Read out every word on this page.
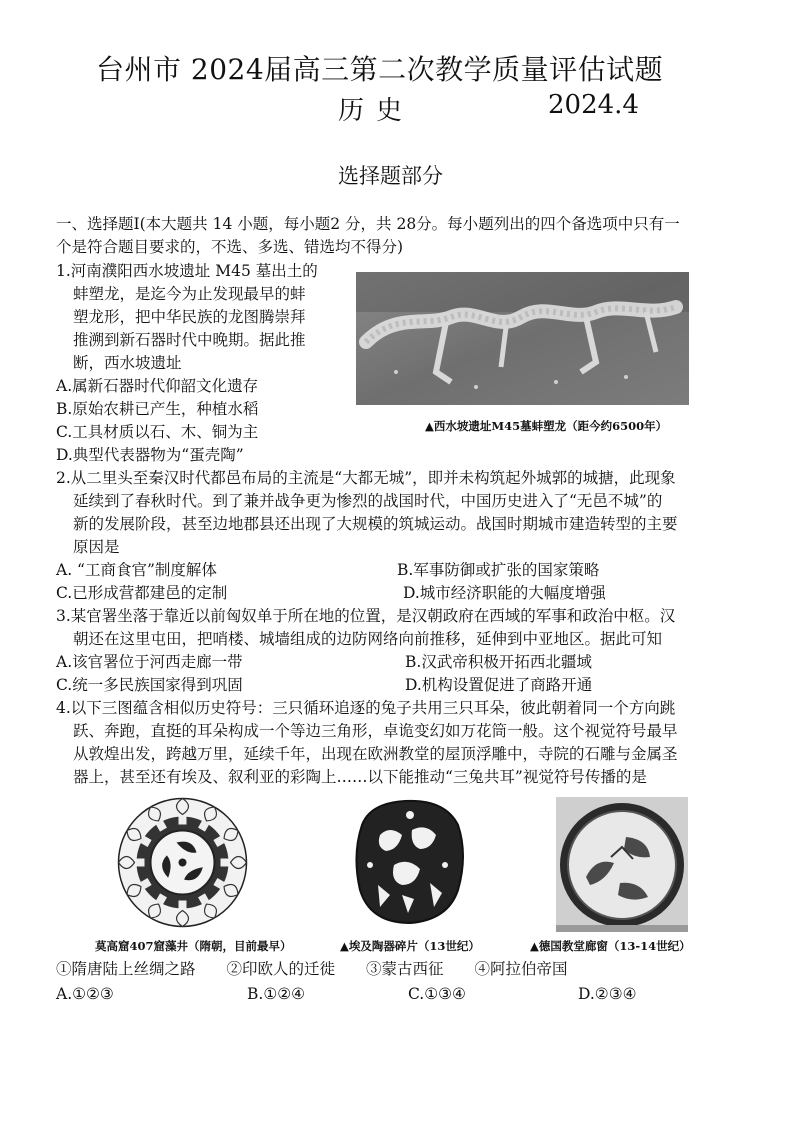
台州市 2024届高三第二次教学质量评估试题
历史	2024.4
选择题部分
一、选择题Ⅰ(本大题共 14 小题，每小题2 分，共 28分。每小题列出的四个备选项中只有一
个是符合题目要求的，不选、多选、错选均不得分)
1.河南濮阳西水坡遗址 M45 墓出土的
蚌塑龙，是迄今为止发现最早的蚌
塑龙形，把中华民族的龙图腾崇拜
推溯到新石器时代中晚期。据此推
断，西水坡遗址
A.属新石器时代仰韶文化遗存
B.原始农耕已产生，种植水稻
C.工具材质以石、木、铜为主
D.典型代表器物为“蛋壳陶”
▲西水坡遗址M45墓蚌塑龙（距今约6500年）
2.从二里头至秦汉时代都邑布局的主流是“大都无城”，即并未构筑起外城郭的城搪，此现象
延续到了春秋时代。到了兼并战争更为惨烈的战国时代，中国历史进入了“无邑不城”的
新的发展阶段，甚至边地郡县还出现了大规模的筑城运动。战国时期城市建造转型的主要
原因是
A. “工商食官”制度解体	B.军事防御或扩张的国家策略
C.已形成营都建邑的定制	D.城市经济职能的大幅度增强
3.某官署坐落于靠近以前匈奴单于所在地的位置，是汉朝政府在西域的军事和政治中枢。汉
朝还在这里屯田，把哨楼、城墙组成的边防网络向前推移，延伸到中亚地区。据此可知
A.该官署位于河西走廊一带	B.汉武帝积极开拓西北疆域
C.统一多民族国家得到巩固	D.机构设置促进了商路开通
4.以下三图蕴含相似历史符号：三只循环追逐的兔子共用三只耳朵，彼此朝着同一个方向跳
跃、奔跑，直挺的耳朵构成一个等边三角形，卓诡变幻如万花筒一般。这个视觉符号最早
从敦煌出发，跨越万里，延续千年，出现在欧洲教堂的屋顶浮雕中，寺院的石雕与金属圣
器上，甚至还有埃及、叙利亚的彩陶上……以下能推动“三兔共耳”视觉符号传播的是
莫高窟407窟藻井（隋朝，目前最早）	▲埃及陶器碎片（13世纪）	▲德国教堂廊窗（13-14世纪）
①隋唐陆上丝绸之路　　②印欧人的迁徙　　③蒙古西征　　④阿拉伯帝国
A.①②③	B.①②④	C.①③④	D.②③④
